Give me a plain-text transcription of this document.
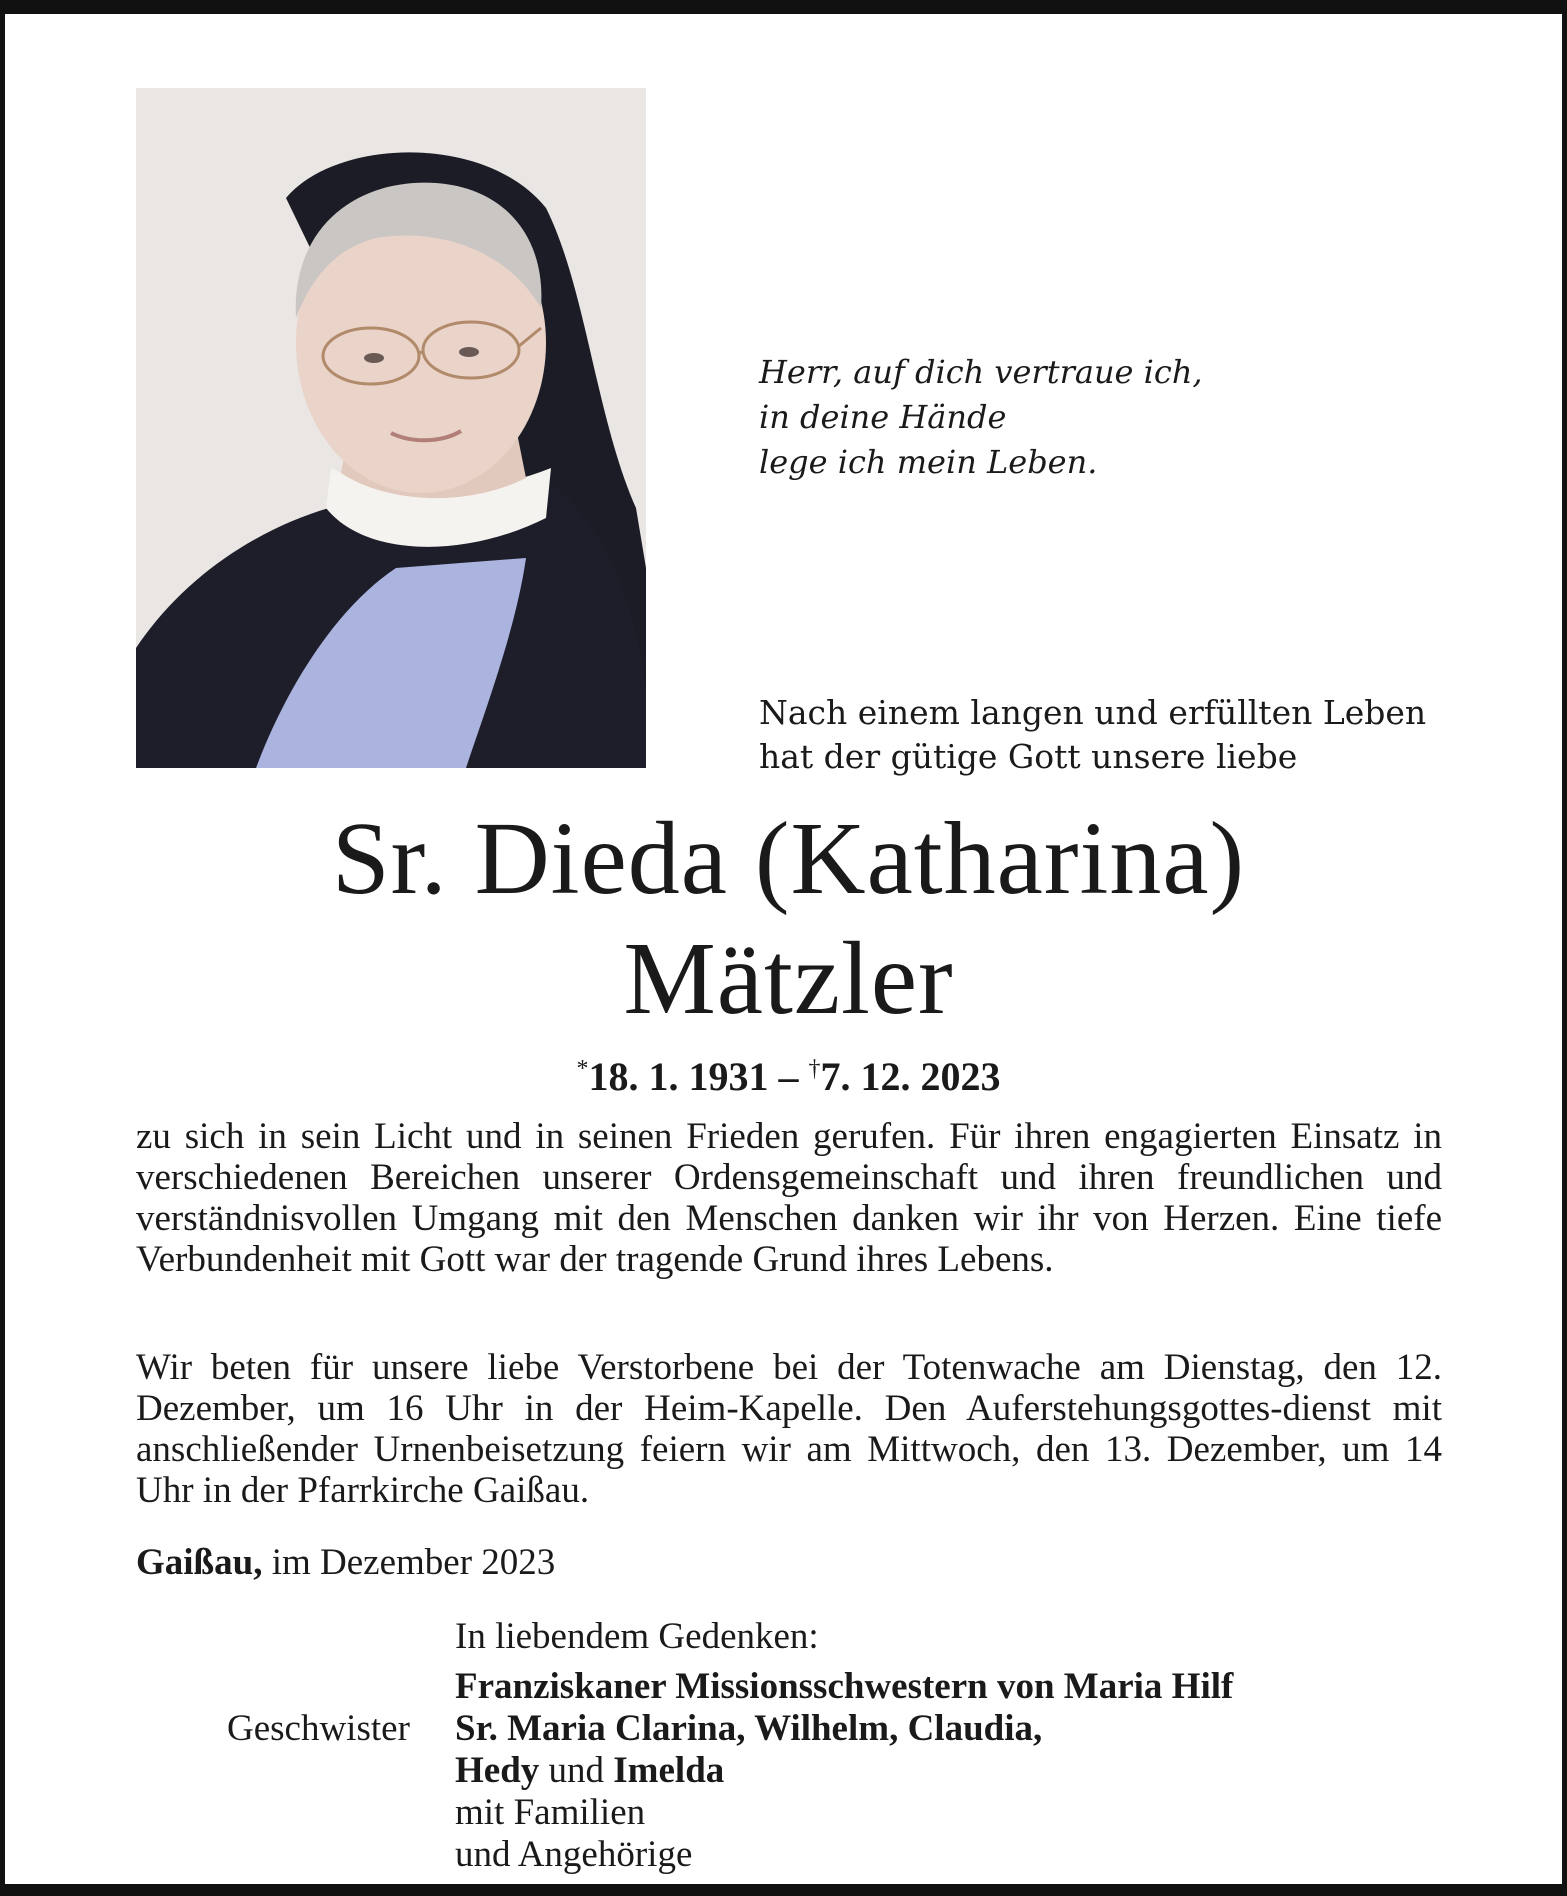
Herr, auf dich vertraue ich,
in deine Hände
lege ich mein Leben.
Nach einem langen und erfüllten Leben
hat der gütige Gott unsere liebe
Sr. Dieda (Katharina)
Mätzler
*18. 1. 1931 – †7. 12. 2023
zu sich in sein Licht und in seinen Frieden gerufen. Für ihren engagierten Einsatz in verschiedenen Bereichen unserer Ordensgemeinschaft und ihren freundlichen und verständnisvollen Umgang mit den Menschen danken wir ihr von Herzen. Eine tiefe Verbundenheit mit Gott war der tragende Grund ihres Lebens.
Wir beten für unsere liebe Verstorbene bei der Totenwache am Dienstag, den 12. Dezember, um 16 Uhr in der Heim-Kapelle. Den Auferstehungsgottes-dienst mit anschließender Urnenbeisetzung feiern wir am Mittwoch, den 13. Dezember, um 14 Uhr in der Pfarrkirche Gaißau.
Gaißau, im Dezember 2023
In liebendem Gedenken:
Geschwister
Franziskaner Missionsschwestern von Maria Hilf
Sr. Maria Clarina, Wilhelm, Claudia,
Hedy und Imelda
mit Familien
und Angehörige
